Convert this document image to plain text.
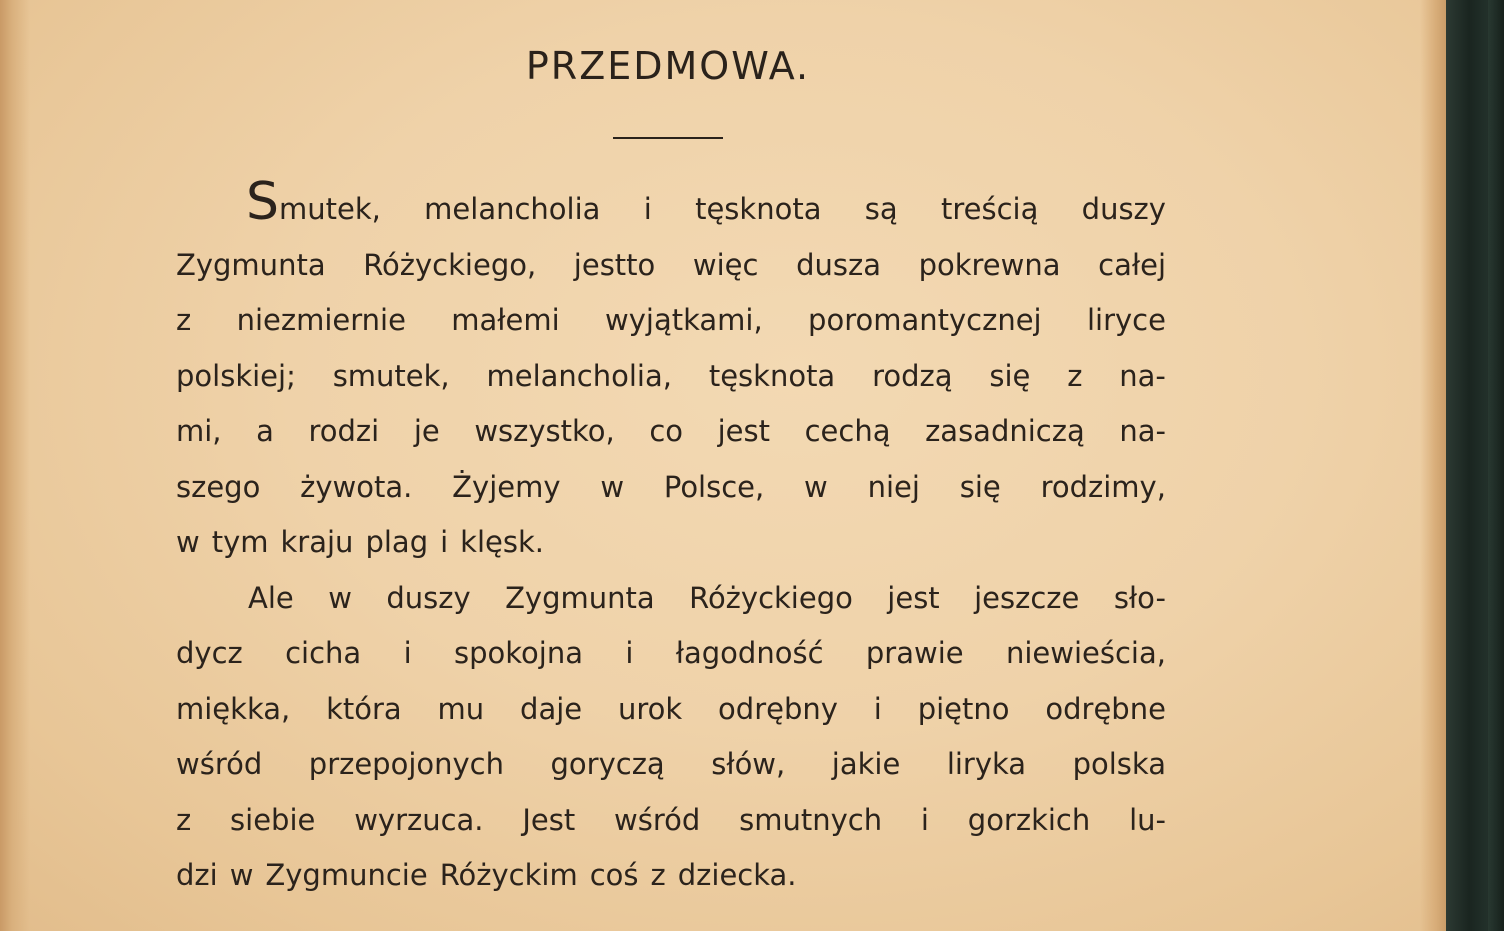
PRZEDMOWA.
S mutek, melancholia i tęsknota są treścią duszy
Zygmunta Różyckiego, jestto więc dusza pokrewna całej
z niezmiernie małemi wyjątkami, poromantycznej liryce
polskiej; smutek, melancholia, tęsknota rodzą się z na-
mi, a rodzi je wszystko, co jest cechą zasadniczą na-
szego żywota. Żyjemy w Polsce, w niej się rodzimy,
w tym kraju plag i klęsk.
Ale w duszy Zygmunta Różyckiego jest jeszcze sło-
dycz cicha i spokojna i łagodność prawie niewieścia,
miękka, która mu daje urok odrębny i piętno odrębne
wśród przepojonych goryczą słów, jakie liryka polska
z siebie wyrzuca. Jest wśród smutnych i gorzkich lu-
dzi w Zygmuncie Różyckim coś z dziecka.
